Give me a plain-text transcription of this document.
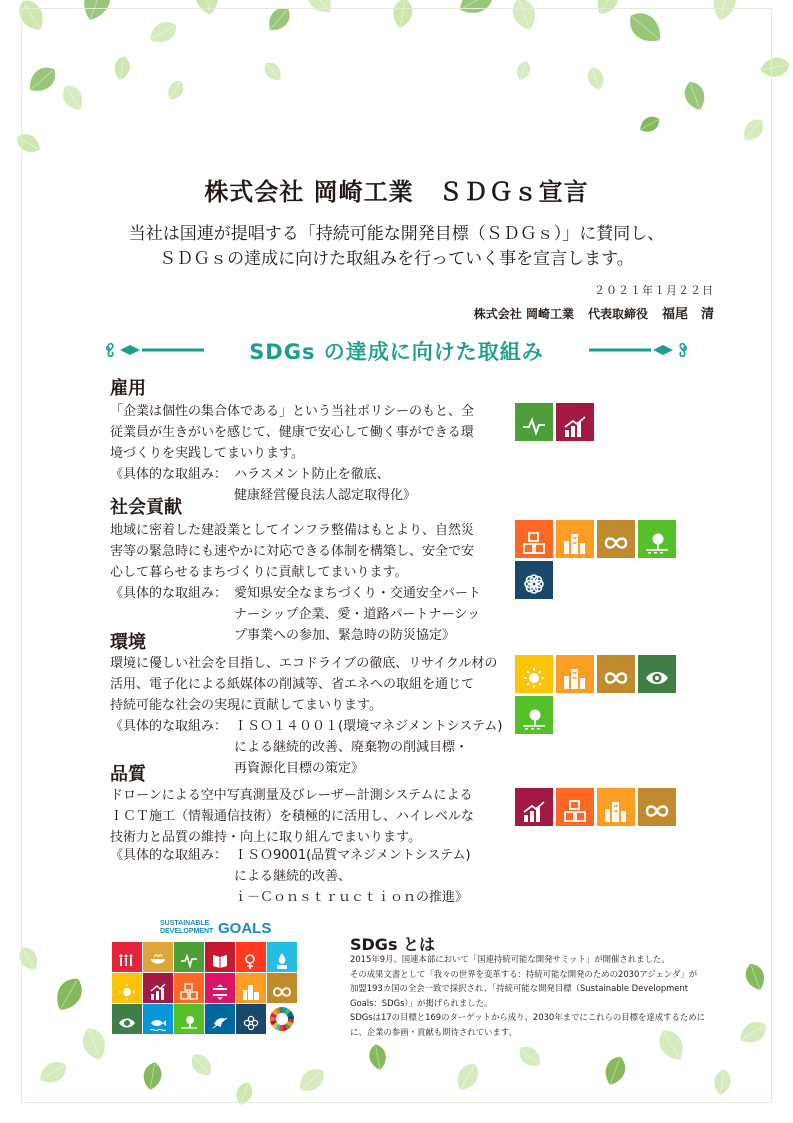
株式会社 岡崎工業　ＳＤＧｓ宣言
当社は国連が提唱する「持続可能な開発目標（ＳＤＧｓ）」に賛同し、
ＳＤＧｓの達成に向けた取組みを行っていく事を宣言します。
２０２１年１月２２日
株式会社 岡崎工業 代表取締役 福尾　清
SDGs の達成に向けた取組み
雇用
「企業は個性の集合体である」という当社ポリシーのもと、全
従業員が生きがいを感じて、健康で安心して働く事ができる環
境づくりを実践してまいります。
《具体的な取組み： ハラスメント防止を徹底、
健康経営優良法人認定取得化》
社会貢献
地域に密着した建設業としてインフラ整備はもとより、自然災
害等の緊急時にも速やかに対応できる体制を構築し、安全で安
心して暮らせるまちづくりに貢献してまいります。
《具体的な取組み： 愛知県安全なまちづくり・交通安全パート
ナーシップ企業、愛・道路パートナーシッ
プ事業への参加、緊急時の防災協定》
環境
環境に優しい社会を目指し、エコドライブの徹底、リサイクル材の
活用、電子化による紙媒体の削減等、省エネへの取組を通じて
持続可能な社会の実現に貢献してまいります。
《具体的な取組み： ＩＳＯ１４００１(環境マネジメントシステム)
による継続的改善、廃棄物の削減目標・
再資源化目標の策定》
品質
ドローンによる空中写真測量及びレーザー計測システムによる
ＩＣＴ施工（情報通信技術）を積極的に活用し、ハイレベルな
技術力と品質の維持・向上に取り組んでまいります。
《具体的な取組み： ＩＳＯ9001(品質マネジメントシステム)
による継続的改善、
ｉ－Ｃｏｎｓｔｒｕｃｔｉｏｎの推進》
3 すべての人に健康と福祉を	8 働きがいも経済成長も
9 産業と技術革新の基盤をつくろう	11 住み続けられるまちづくりを	12 つくる責任つかう責任	15 陸の豊かさも守ろう
17 パートナーシップで目標を達成しよう
7 エネルギーをみんなにそしてクリーンに 11 住み続けられるまちづくりを	12 つくる責任つかう責任	13 気候変動に具体的な対策を
15 陸の豊かさも守ろう
8 働きがいも経済成長も	9 産業と技術革新の基盤をつくろう	11 住み続けられるまちづくりを	12 つくる責任つかう責任
SUSTAINABLE
DEVELOPMENT GOALS
1 貧困をなくそう	2 飢餓をゼロに	3 すべての人に健康と福祉を	4 質の高い教育をみんなに	5 ジェンダー平等を実現しよう	6 安全な水とトイレを世界中に
7 エネルギーをみんなにそしてクリーンに
8 働きがいも経済成長も	9 産業と技術革新の基盤をつくろう	10 人や国の不平等をなくそう	11 住み続けられるまちづくりを	12 つくる責任つかう責任
13 気候変動に具体的な対策を	14 海の豊かさを守ろう	15 陸の豊かさも守ろう	16 平和と公正をすべての人に	17 パートナーシップで目標を達成しよう
SDGs とは
2015年9月、国連本部において「国連持続可能な開発サミット」が開催されました。
その成果文書として「我々の世界を変革する：持続可能な開発のための2030アジェンダ」が
加盟193カ国の全会一致で採択され、「持続可能な開発目標（Sustainable Development
Goals：SDGs）」が掲げられました。
SDGsは17の目標と169のターゲットから成り、2030年までにこれらの目標を達成するために
に、企業の参画・貢献も期待されています。
